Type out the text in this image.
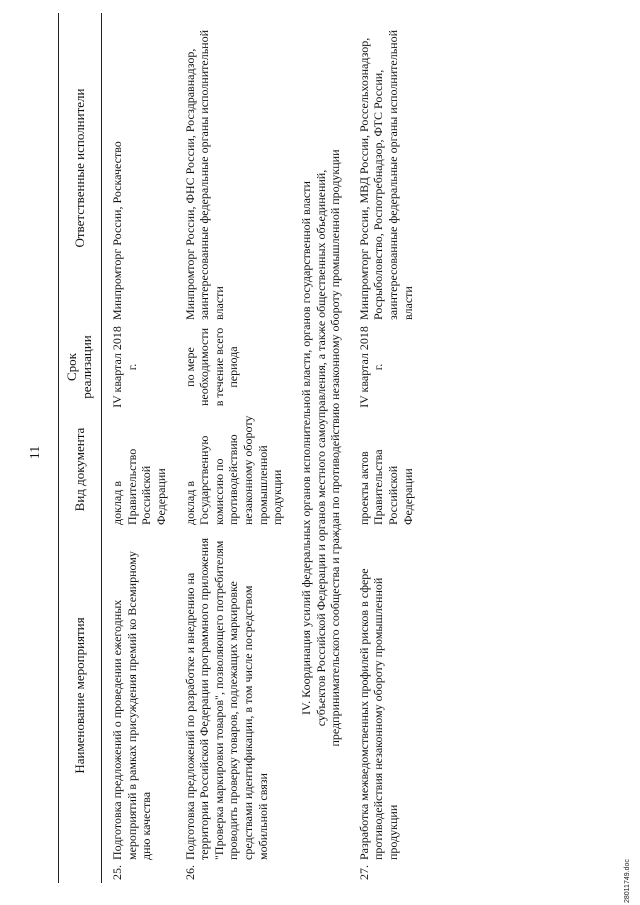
11
	Наименование мероприятия	Вид документа	Срок реализации	Ответственные исполнители
25.	Подготовка предложений о проведении ежегодных мероприятий в рамках присуждения премий ко Всемирному дню качества	доклад в Правительство Российской Федерации	IV квартал 2018 г.	Минпромторг России, Роскачество
26.	Подготовка предложений по разработке и внедрению на территории Российской Федерации программного приложения "Проверка маркировки товаров", позволяющего потребителям проводить проверку товаров, подлежащих маркировке средствами идентификации, в том числе посредством мобильной связи	доклад в Государственную комиссию по противодействию незаконному обороту промышленной продукции	по мере необходимости в течение всего периода	Минпромторг России, ФНС России, Росздравнадзор, заинтересованные федеральные органы исполнительной власти

IV. Координация усилий федеральных органов исполнительной власти, органов государственной власти субъектов Российской Федерации и органов местного самоуправления, а также общественных объединений, предпринимательского сообщества и граждан по противодействию незаконному обороту промышленной продукции				

27.	Разработка межведомственных профилей рисков в сфере противодействия незаконному обороту промышленной продукции	проекты актов Правительства Российской Федерации	IV квартал 2018 г.	Минпромторг России, МВД России, Россельхознадзор, Росрыболовство, Роспотребнадзор, ФТС России, заинтересованные федеральные органы исполнительной власти
28011749.doc
